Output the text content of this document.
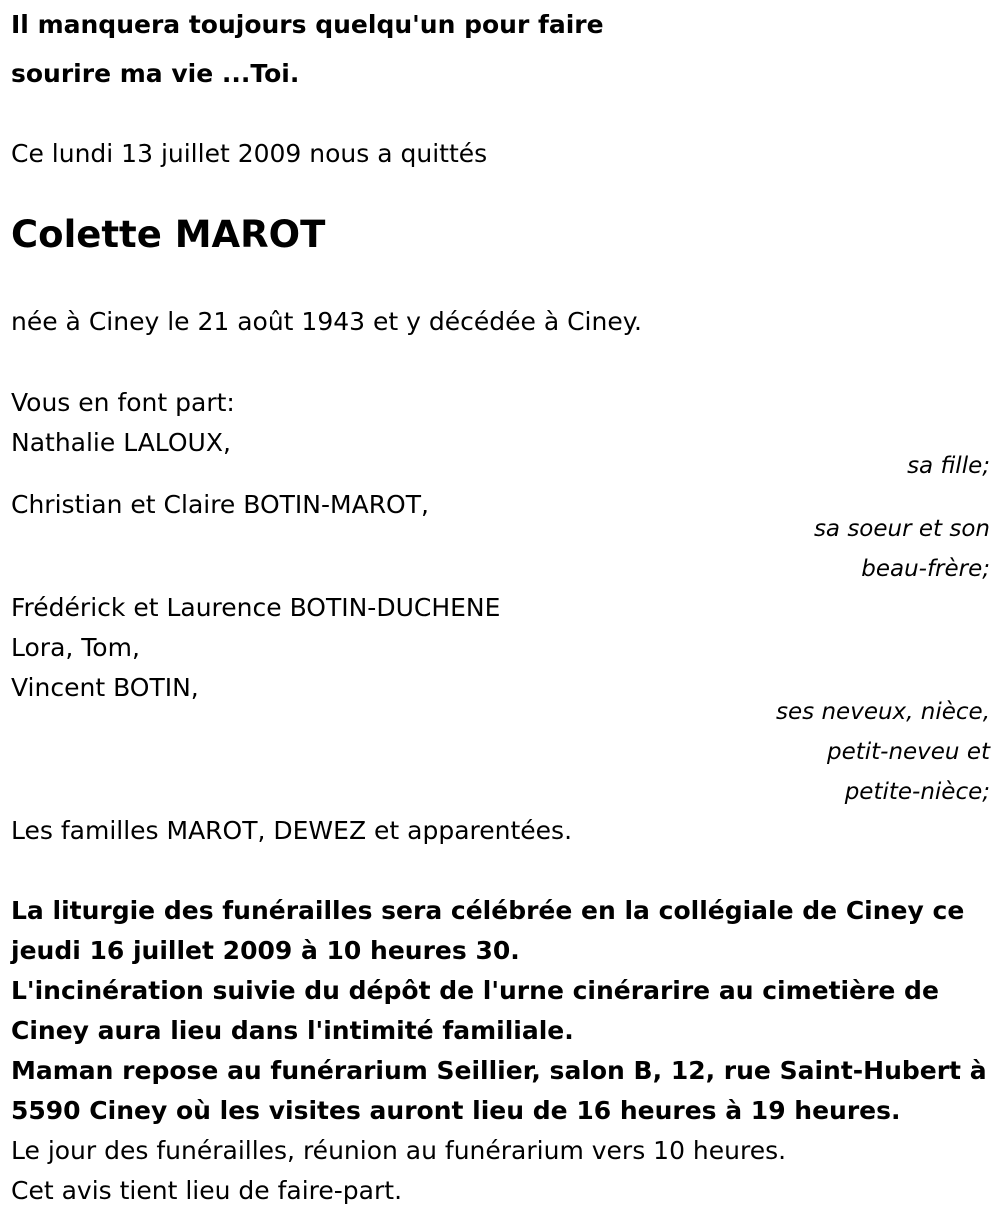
Il manquera toujours quelqu'un pour faire
sourire ma vie ...Toi.
Ce lundi 13 juillet 2009 nous a quittés
Colette MAROT
née à Ciney le 21 août 1943 et y décédée à Ciney.
Vous en font part:
Nathalie LALOUX,
sa fille;
Christian et Claire BOTIN-MAROT,
sa soeur et son
beau-frère;
Frédérick et Laurence BOTIN-DUCHENE
Lora, Tom,
Vincent BOTIN,
ses neveux, nièce,
petit-neveu et
petite-nièce;
Les familles MAROT, DEWEZ et apparentées.
La liturgie des funérailles sera célébrée en la collégiale de Ciney ce
jeudi 16 juillet 2009 à 10 heures 30.
L'incinération suivie du dépôt de l'urne cinérarire au cimetière de
Ciney aura lieu dans l'intimité familiale.
Maman repose au funérarium Seillier, salon B, 12, rue Saint-Hubert à
5590 Ciney où les visites auront lieu de 16 heures à 19 heures.
Le jour des funérailles, réunion au funérarium vers 10 heures.
Cet avis tient lieu de faire-part.
